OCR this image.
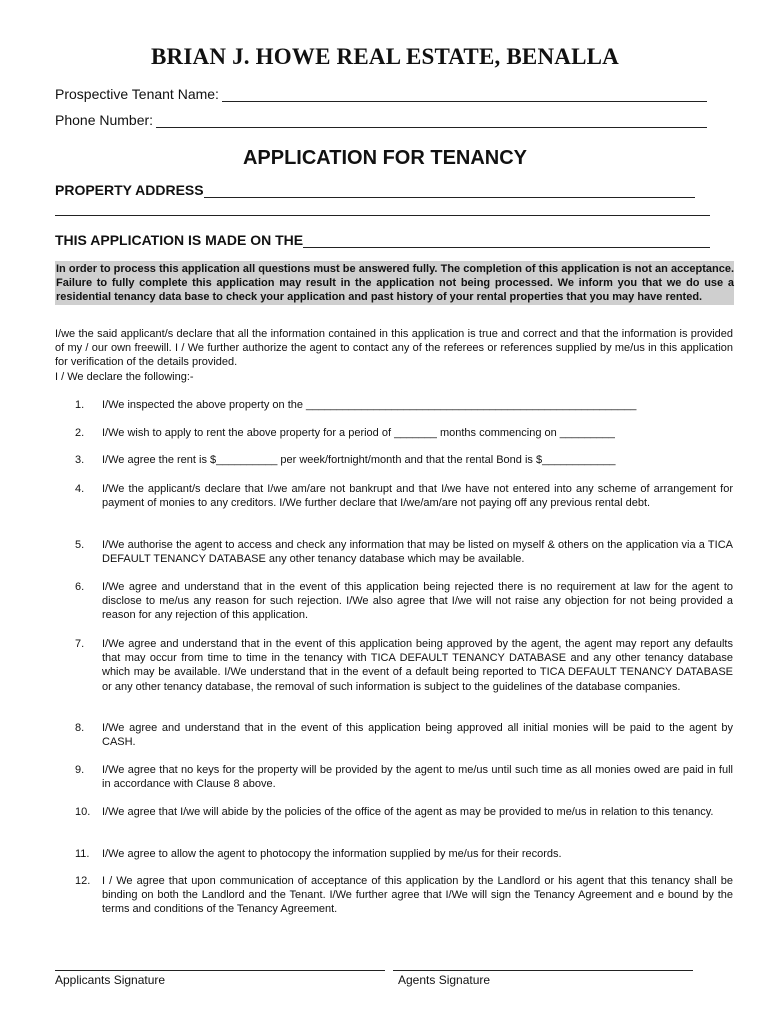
BRIAN J. HOWE REAL ESTATE, BENALLA
Prospective Tenant Name:
Phone Number:
APPLICATION FOR TENANCY
PROPERTY ADDRESS
THIS APPLICATION IS MADE ON THE
In order to process this application all questions must be answered fully. The completion of this application is not an acceptance. Failure to fully complete this application may result in the application not being processed. We inform you that we do use a residential tenancy data base to check your application and past history of your rental properties that you may have rented.
I/we the said applicant/s declare that all the information contained in this application is true and correct and that the information is provided of my / our own freewill. I / We further authorize the agent to contact any of the referees or references supplied by me/us in this application for verification of the details provided.
I / We declare the following:-
1.	I/We inspected the above property on the ______________________________________________________
2.	I/We wish to apply to rent the above property for a period of _______ months commencing on _________
3.	I/We agree the rent is $__________ per week/fortnight/month and that the rental Bond is $____________
4.	I/We the applicant/s declare that I/we am/are not bankrupt and that I/we have not entered into any scheme of arrangement for payment of monies to any creditors. I/We further declare that I/we/am/are not paying off any previous rental debt.
5.	I/We authorise the agent to access and check any information that may be listed on myself & others on the application via a TICA DEFAULT TENANCY DATABASE any other tenancy database which may be available.
6.	I/We agree and understand that in the event of this application being rejected there is no requirement at law for the agent to disclose to me/us any reason for such rejection. I/We also agree that I/we will not raise any objection for not being provided a reason for any rejection of this application.
7.	I/We agree and understand that in the event of this application being approved by the agent, the agent may report any defaults that may occur from time to time in the tenancy with TICA DEFAULT TENANCY DATABASE and any other tenancy database which may be available. I/We understand that in the event of a default being reported to TICA DEFAULT TENANCY DATABASE or any other tenancy database, the removal of such information is subject to the guidelines of the database companies.
8.	I/We agree and understand that in the event of this application being approved all initial monies will be paid to the agent by CASH.
9.	I/We agree that no keys for the property will be provided by the agent to me/us until such time as all monies owed are paid in full in accordance with Clause 8 above.
10.	I/We agree that I/we will abide by the policies of the office of the agent as may be provided to me/us in relation to this tenancy.
11.	I/We agree to allow the agent to photocopy the information supplied by me/us for their records.
12.	I / We agree that upon communication of acceptance of this application by the Landlord or his agent that this tenancy shall be binding on both the Landlord and the Tenant. I/We further agree that I/We will sign the Tenancy Agreement and e bound by the terms and conditions of the Tenancy Agreement.
Applicants Signature	Agents Signature
